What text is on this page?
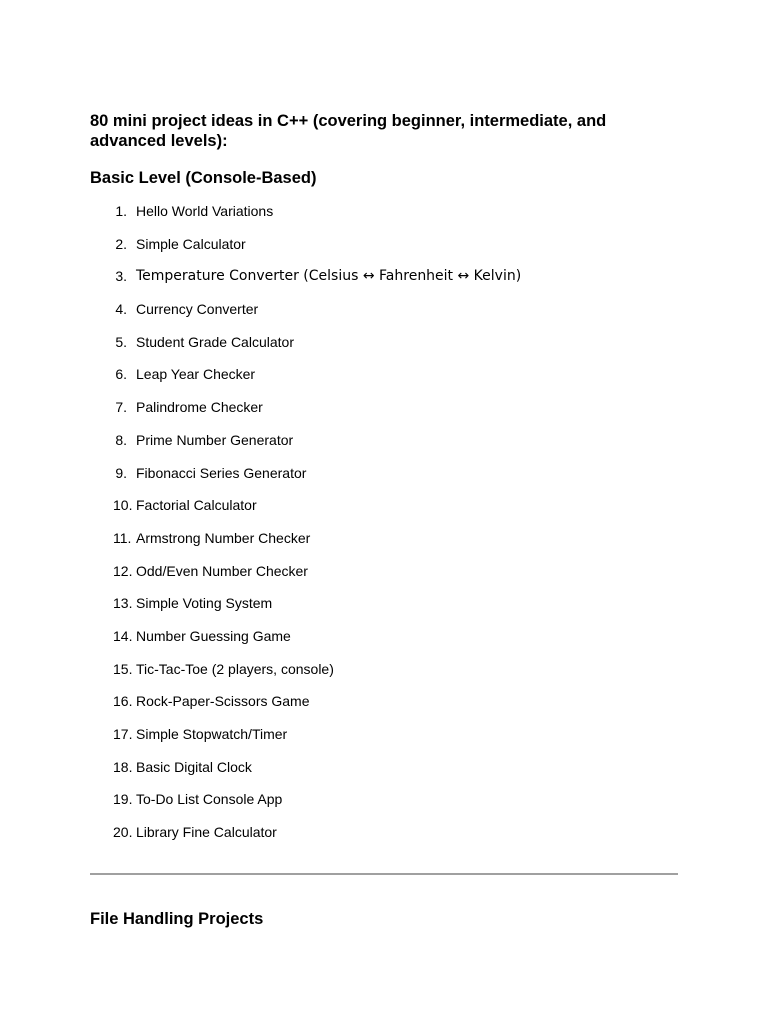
80 mini project ideas in C++ (covering beginner, intermediate, and advanced levels):
Basic Level (Console-Based)
1. Hello World Variations
2. Simple Calculator
3. Temperature Converter (Celsius ↔ Fahrenheit ↔ Kelvin)
4. Currency Converter
5. Student Grade Calculator
6. Leap Year Checker
7. Palindrome Checker
8. Prime Number Generator
9. Fibonacci Series Generator
10. Factorial Calculator
11. Armstrong Number Checker
12. Odd/Even Number Checker
13. Simple Voting System
14. Number Guessing Game
15. Tic-Tac-Toe (2 players, console)
16. Rock-Paper-Scissors Game
17. Simple Stopwatch/Timer
18. Basic Digital Clock
19. To-Do List Console App
20. Library Fine Calculator
File Handling Projects
